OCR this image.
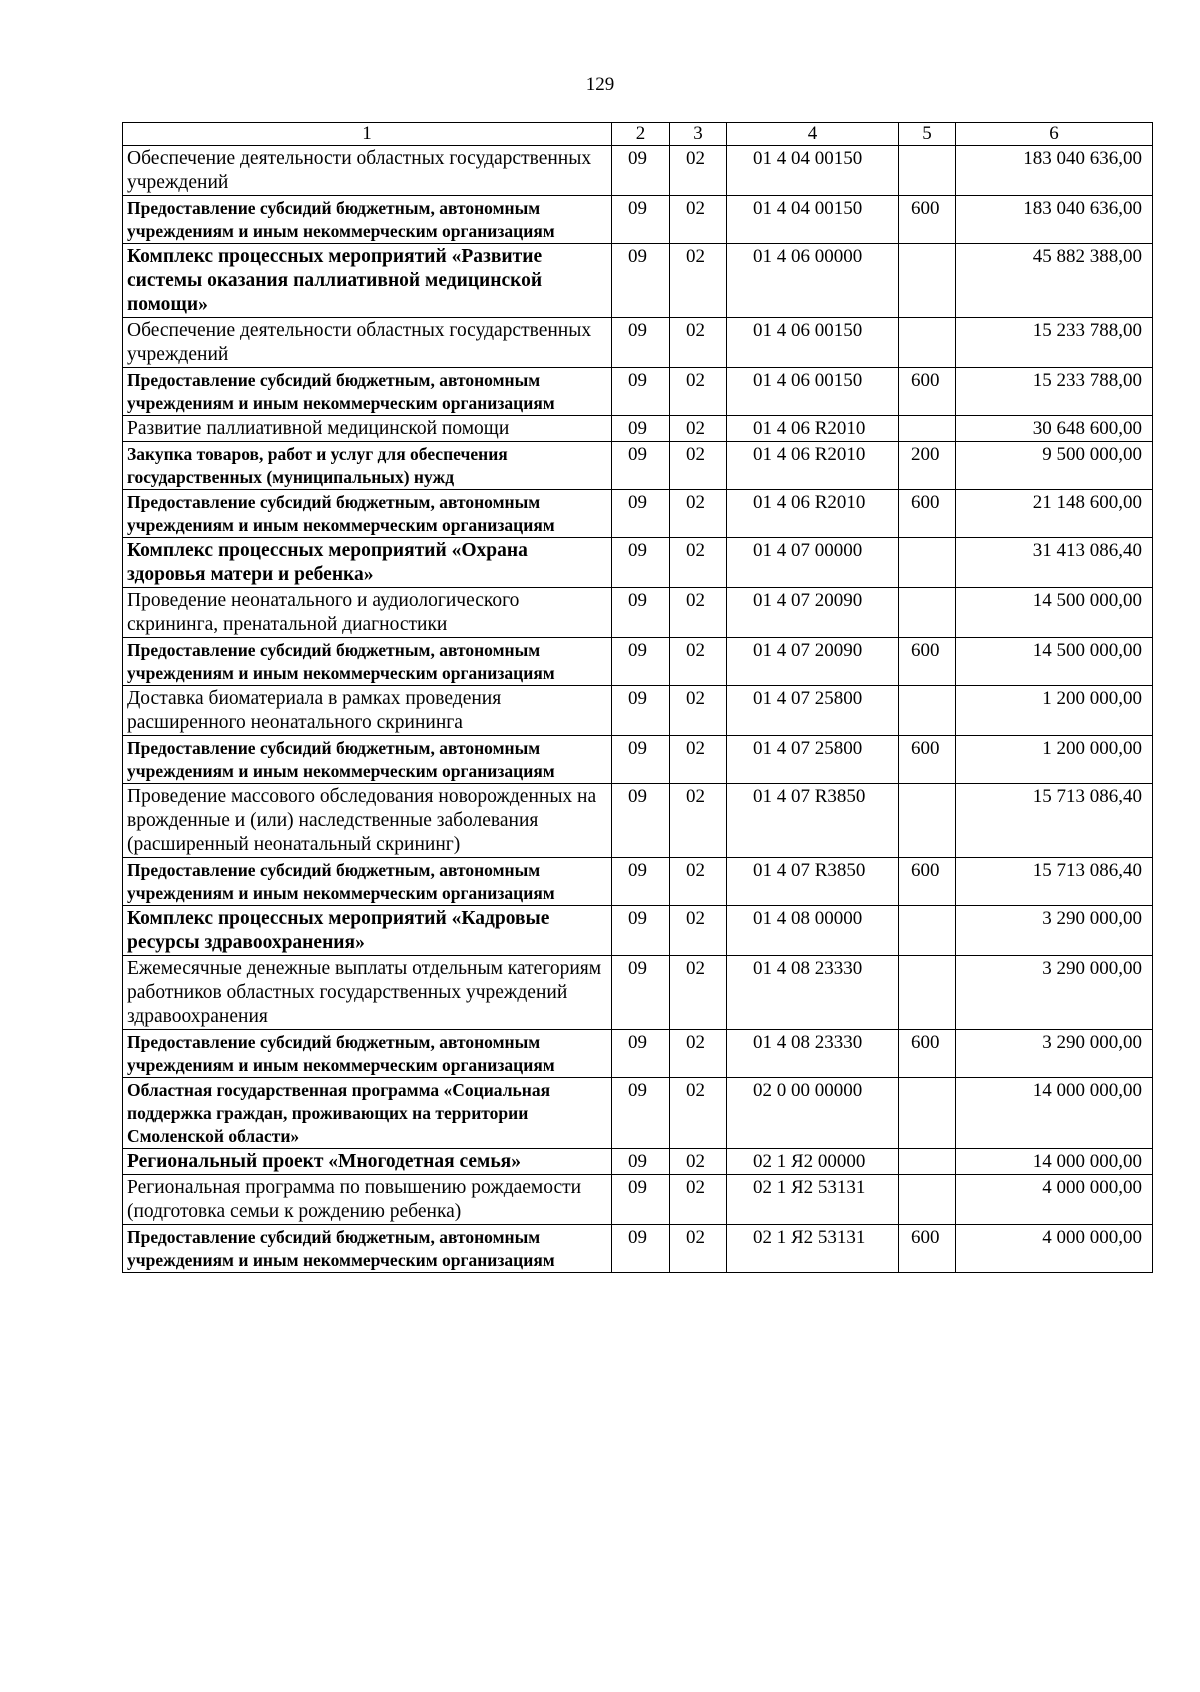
129
1	2	3	4	5	6
Обеспечение деятельности областных государственных учреждений	09	02	01 4 04 00150		183 040 636,00
Предоставление субсидий бюджетным, автономным учреждениям и иным некоммерческим организациям	09	02	01 4 04 00150	600	183 040 636,00
Комплекс процессных мероприятий «Развитие системы оказания паллиативной медицинской помощи»	09	02	01 4 06 00000		45 882 388,00
Обеспечение деятельности областных государственных учреждений	09	02	01 4 06 00150		15 233 788,00
Предоставление субсидий бюджетным, автономным учреждениям и иным некоммерческим организациям	09	02	01 4 06 00150	600	15 233 788,00
Развитие паллиативной медицинской помощи	09	02	01 4 06 R2010		30 648 600,00
Закупка товаров, работ и услуг для обеспечения государственных (муниципальных) нужд	09	02	01 4 06 R2010	200	9 500 000,00
Предоставление субсидий бюджетным, автономным учреждениям и иным некоммерческим организациям	09	02	01 4 06 R2010	600	21 148 600,00
Комплекс процессных мероприятий «Охрана здоровья матери и ребенка»	09	02	01 4 07 00000		31 413 086,40
Проведение неонатального и аудиологического скрининга, пренатальной диагностики	09	02	01 4 07 20090		14 500 000,00
Предоставление субсидий бюджетным, автономным учреждениям и иным некоммерческим организациям	09	02	01 4 07 20090	600	14 500 000,00
Доставка биоматериала в рамках проведения расширенного неонатального скрининга	09	02	01 4 07 25800		1 200 000,00
Предоставление субсидий бюджетным, автономным учреждениям и иным некоммерческим организациям	09	02	01 4 07 25800	600	1 200 000,00
Проведение массового обследования новорожденных на врожденные и (или) наследственные заболевания (расширенный неонатальный скрининг)	09	02	01 4 07 R3850		15 713 086,40
Предоставление субсидий бюджетным, автономным учреждениям и иным некоммерческим организациям	09	02	01 4 07 R3850	600	15 713 086,40
Комплекс процессных мероприятий «Кадровые ресурсы здравоохранения»	09	02	01 4 08 00000		3 290 000,00
Ежемесячные денежные выплаты отдельным категориям работников областных государственных учреждений здравоохранения	09	02	01 4 08 23330		3 290 000,00
Предоставление субсидий бюджетным, автономным учреждениям и иным некоммерческим организациям	09	02	01 4 08 23330	600	3 290 000,00
Областная государственная программа «Социальная поддержка граждан, проживающих на территории Смоленской области»	09	02	02 0 00 00000		14 000 000,00
Региональный проект «Многодетная семья»	09	02	02 1 Я2 00000		14 000 000,00
Региональная программа по повышению рождаемости (подготовка семьи к рождению ребенка)	09	02	02 1 Я2 53131		4 000 000,00
Предоставление субсидий бюджетным, автономным учреждениям и иным некоммерческим организациям	09	02	02 1 Я2 53131	600	4 000 000,00
